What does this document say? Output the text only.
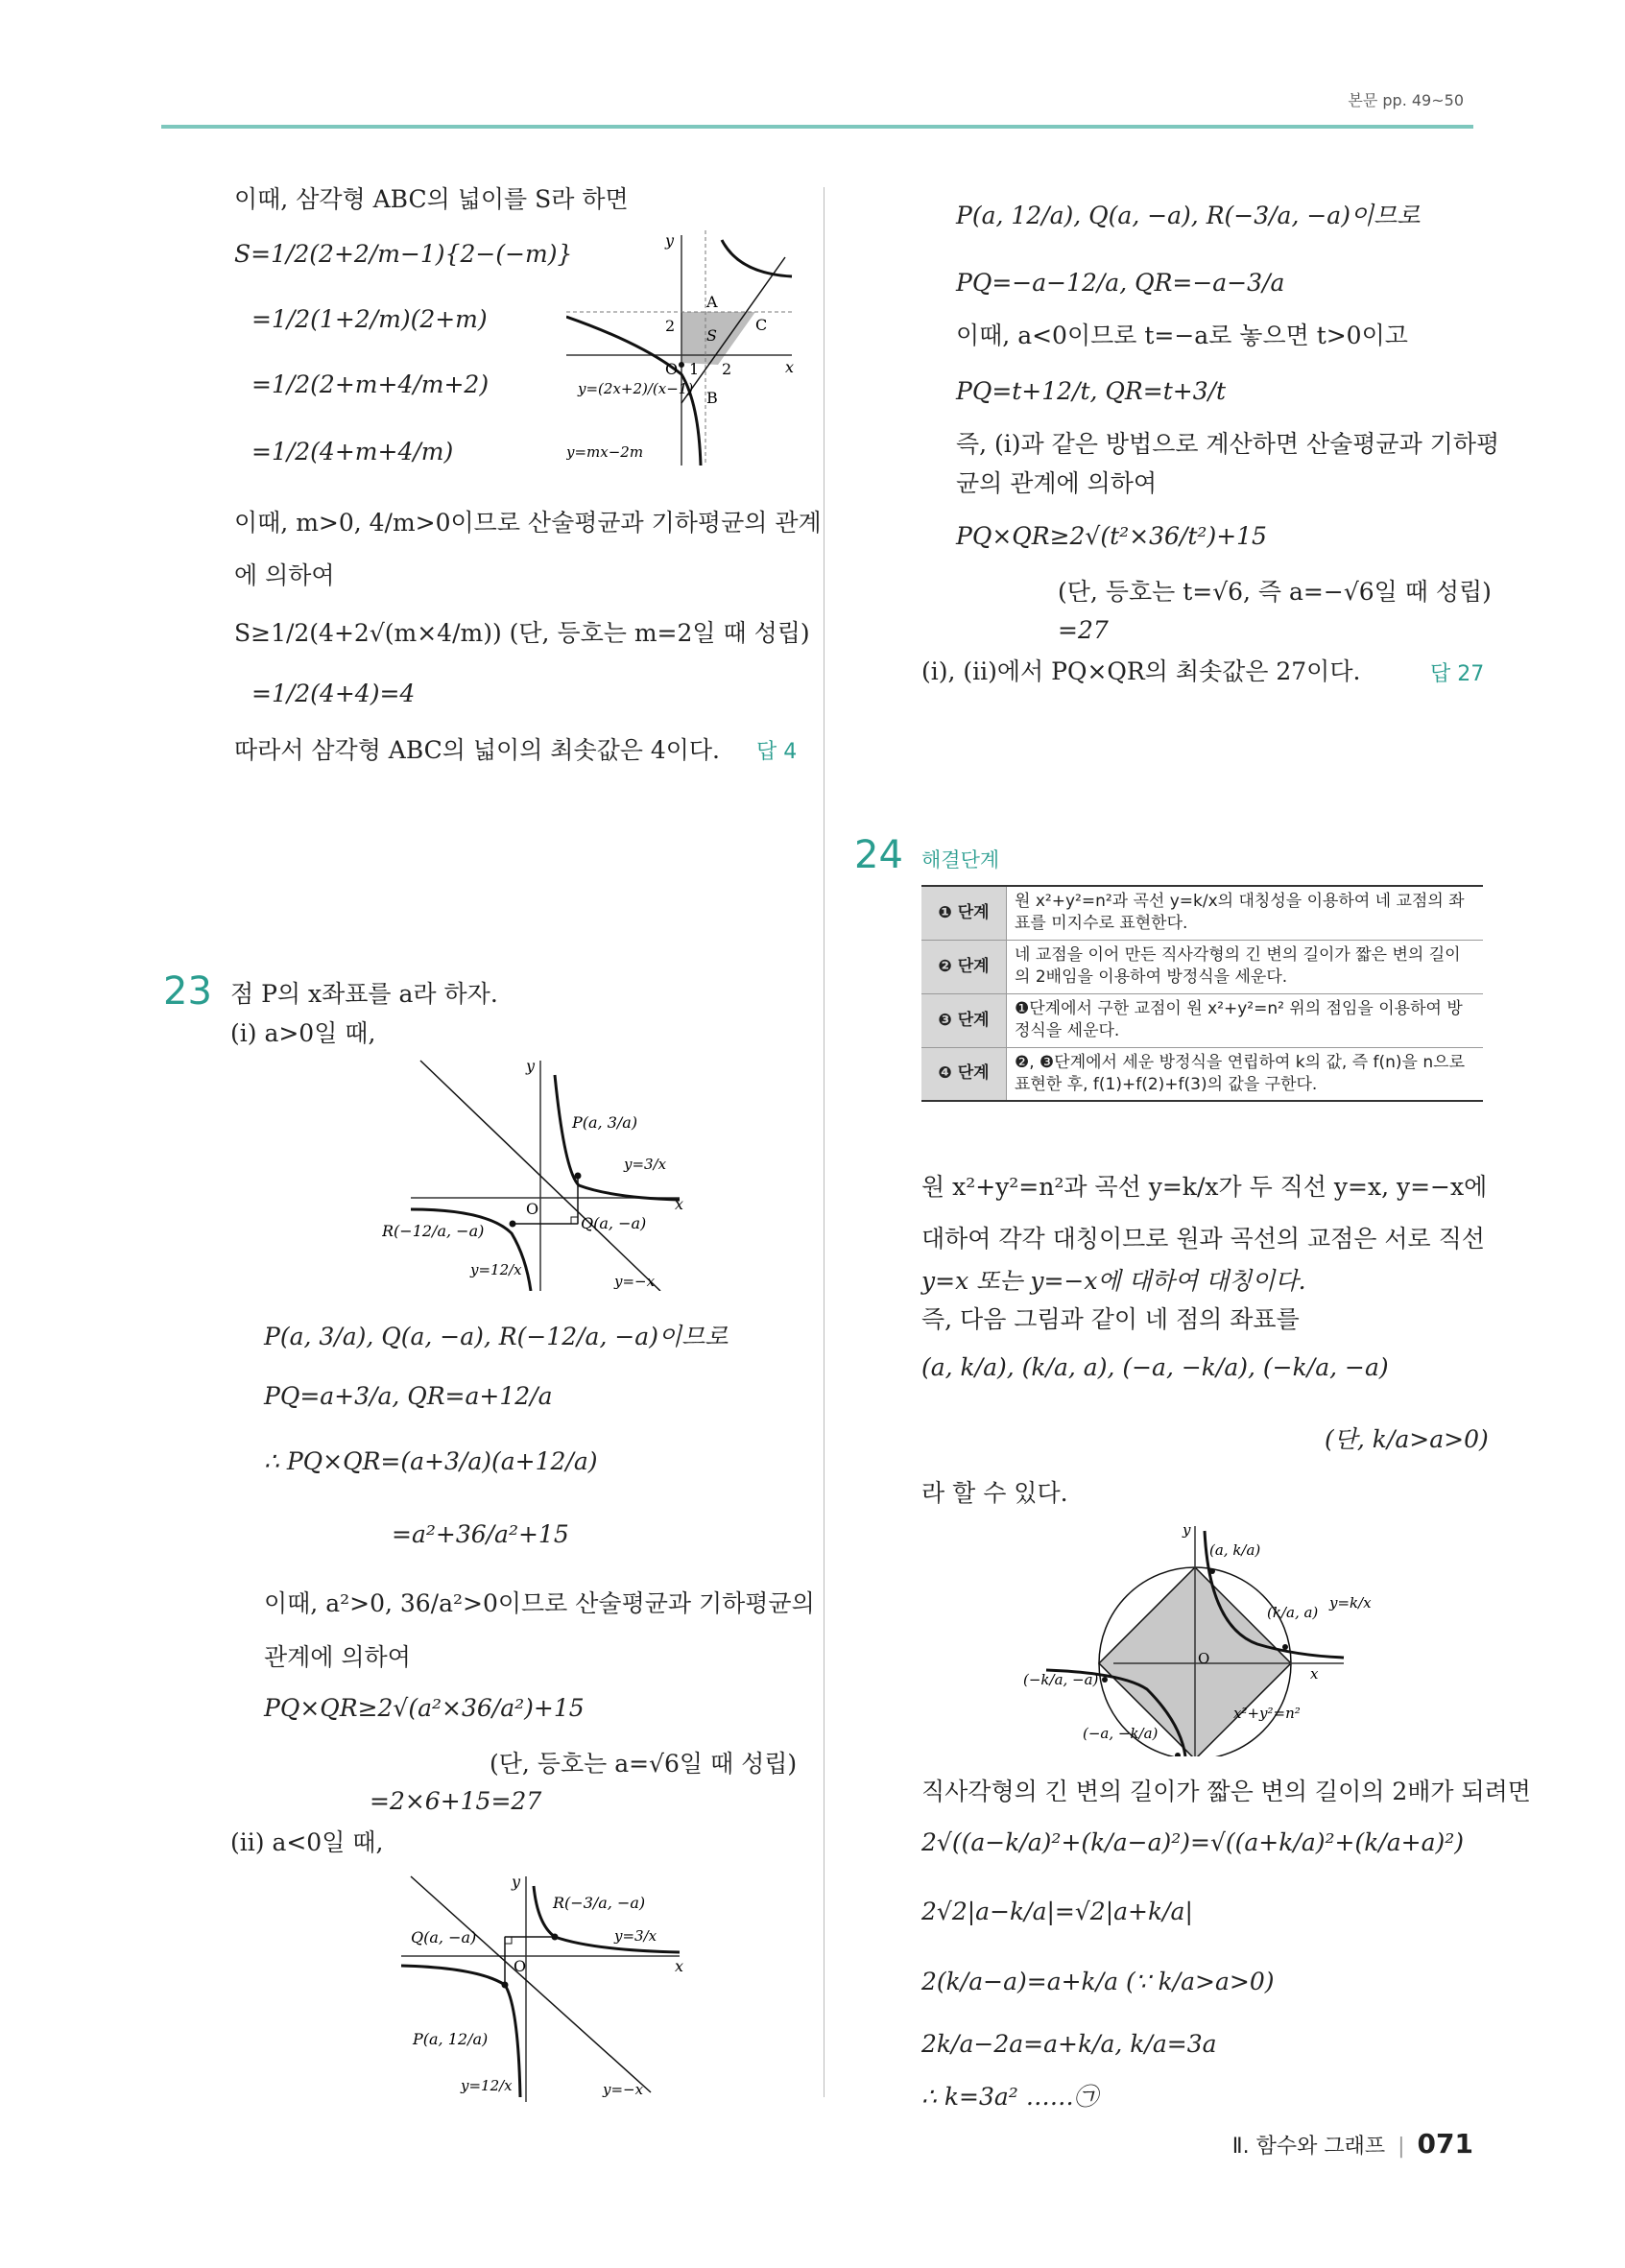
본문 pp. 49~50
이때, 삼각형 ABC의 넓이를 S라 하면
S=1/2(2+2/m−1){2−(−m)}
=1/2(1+2/m)(2+m)
=1/2(2+m+4/m+2)
=1/2(4+m+4/m)
이때, m>0, 4/m>0이므로 산술평균과 기하평균의 관계
에 의하여
S≥1/2(4+2√(m×4/m)) (단, 등호는 m=2일 때 성립)
=1/2(4+4)=4
따라서 삼각형 ABC의 넓이의 최솟값은 4이다. 답 4
y
x
O
2
1 2
A
C
B
S
y=(2x+2)/(x−1)
y=mx−2m
23 점 P의 x좌표를 a라 하자.
(i) a>0일 때,
y
x
O
P(a, 3/a)
Q(a, −a)
R(−12/a, −a)
y=3/x
y=12/x
y=−x
P(a, 3/a), Q(a, −a), R(−12/a, −a)이므로
PQ=a+3/a, QR=a+12/a
∴ PQ×QR=(a+3/a)(a+12/a)
=a²+36/a²+15
이때, a²>0, 36/a²>0이므로 산술평균과 기하평균의
관계에 의하여
PQ×QR≥2√(a²×36/a²)+15
(단, 등호는 a=√6일 때 성립)
=2×6+15=27
(ii) a<0일 때,
y
x
O
R(−3/a, −a)
Q(a, −a)
P(a, 12/a)
y=3/x
y=12/x	y=−x
P(a, 12/a), Q(a, −a), R(−3/a, −a)이므로
PQ=−a−12/a, QR=−a−3/a
이때, a<0이므로 t=−a로 놓으면 t>0이고
PQ=t+12/t, QR=t+3/t
즉, (i)과 같은 방법으로 계산하면 산술평균과 기하평
균의 관계에 의하여
PQ×QR≥2√(t²×36/t²)+15
(단, 등호는 t=√6, 즉 a=−√6일 때 성립)
=27
(i), (ii)에서 PQ×QR의 최솟값은 27이다.	답 27
24 해결단계
❶ 단계	원 x²+y²=n²과 곡선 y=k/x의 대칭성을 이용하여 네 교점의 좌표를 미지수로 표현한다.
❷ 단계	네 교점을 이어 만든 직사각형의 긴 변의 길이가 짧은 변의 길이의 2배임을 이용하여 방정식을 세운다.
❸ 단계	❶단계에서 구한 교점이 원 x²+y²=n² 위의 점임을 이용하여 방정식을 세운다.
❹ 단계	❷, ❸단계에서 세운 방정식을 연립하여 k의 값, 즉 f(n)을 n으로 표현한 후, f(1)+f(2)+f(3)의 값을 구한다.
원 x²+y²=n²과 곡선 y=k/x가 두 직선 y=x, y=−x에
대하여 각각 대칭이므로 원과 곡선의 교점은 서로 직선
y=x 또는 y=−x에 대하여 대칭이다.
즉, 다음 그림과 같이 네 점의 좌표를
(a, k/a), (k/a, a), (−a, −k/a), (−k/a, −a)
(단, k/a>a>0)
라 할 수 있다.
y
x
O
(a, k/a)
(k/a, a)
(−k/a, −a)
(−a, −k/a)
y=k/x
x²+y²=n²
직사각형의 긴 변의 길이가 짧은 변의 길이의 2배가 되려면
2√((a−k/a)²+(k/a−a)²)=√((a+k/a)²+(k/a+a)²)
2√2|a−k/a|=√2|a+k/a|
2(k/a−a)=a+k/a (∵ k/a>a>0)
2k/a−2a=a+k/a, k/a=3a
∴ k=3a² ……㉠
Ⅱ. 함수와 그래프 | 071
